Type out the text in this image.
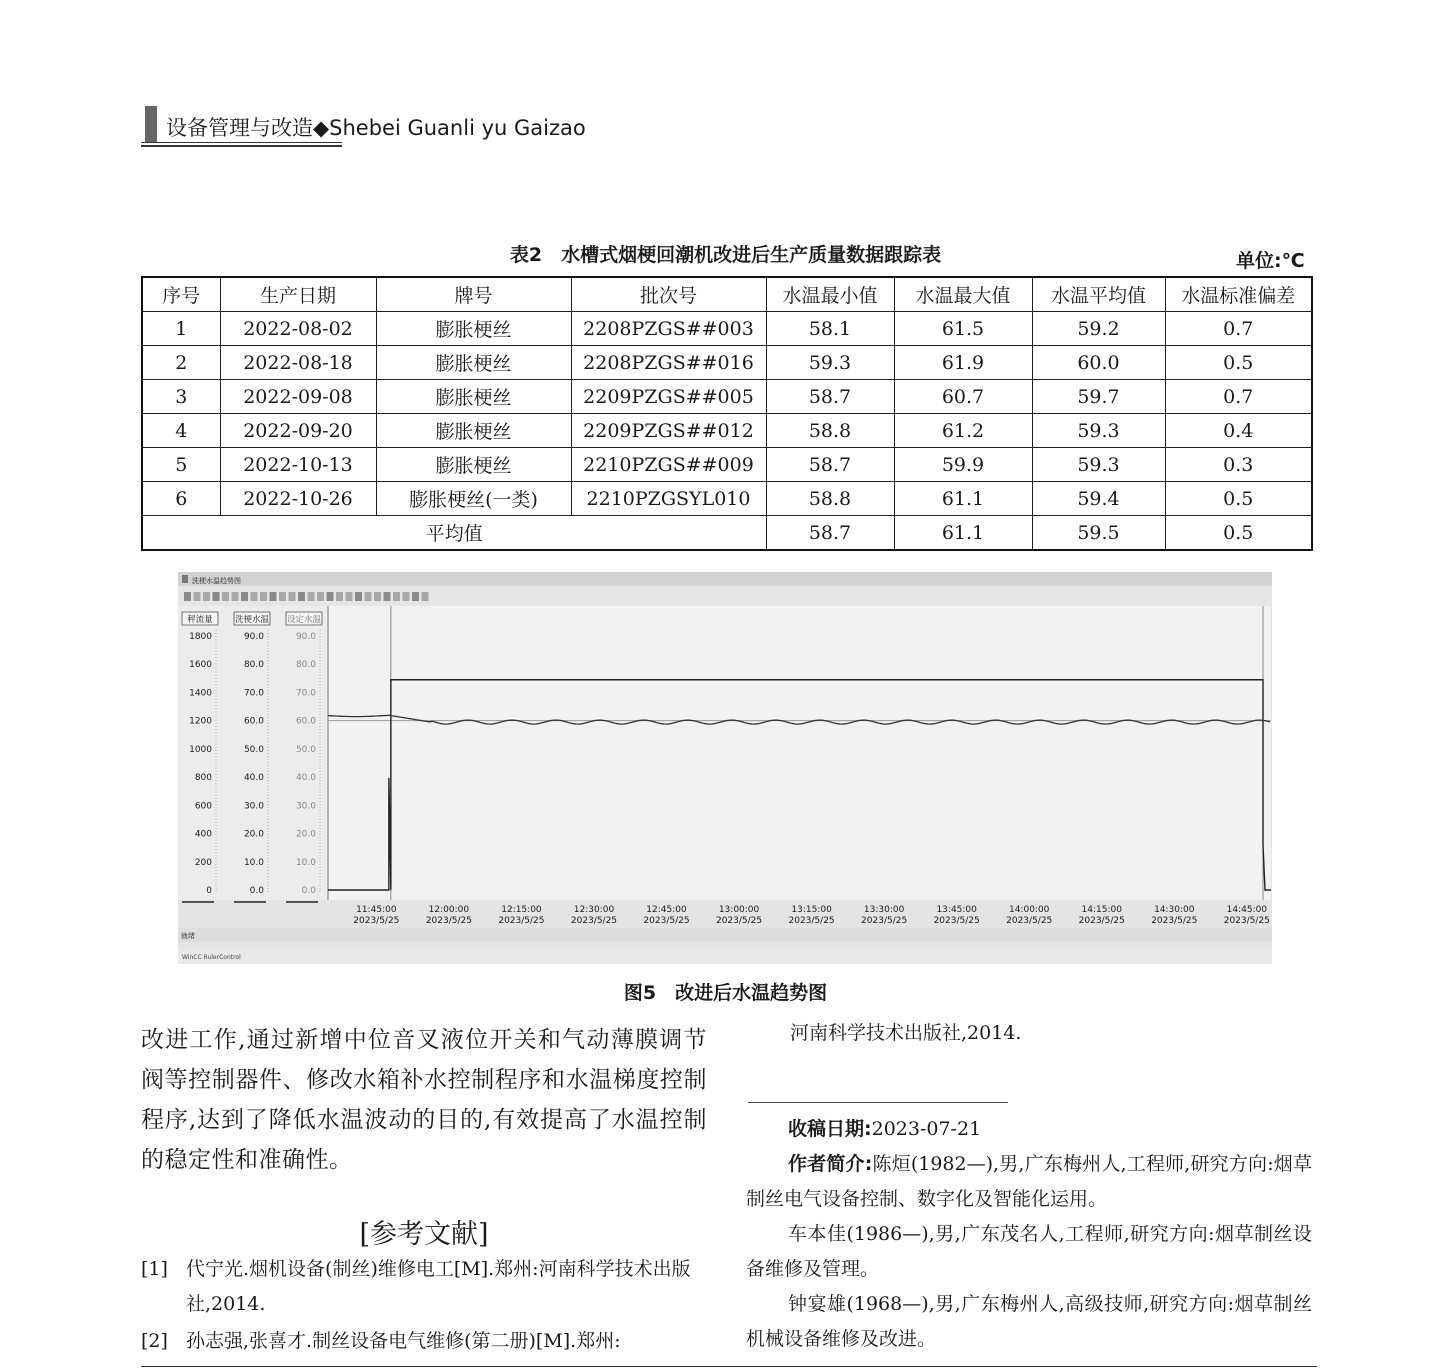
设备管理与改造◆Shebei Guanli yu Gaizao
表2　水槽式烟梗回潮机改进后生产质量数据跟踪表	单位:℃
序号	生产日期	牌号	批次号	水温最小值	水温最大值	水温平均值	水温标准偏差
1	2022-08-02	膨胀梗丝	2208PZGS##003	58.1	61.5	59.2	0.7
2	2022-08-18	膨胀梗丝	2208PZGS##016	59.3	61.9	60.0	0.5
3	2022-09-08	膨胀梗丝	2209PZGS##005	58.7	60.7	59.7	0.7
4	2022-09-20	膨胀梗丝	2209PZGS##012	58.8	61.2	59.3	0.4
5	2022-10-13	膨胀梗丝	2210PZGS##009	58.7	59.9	59.3	0.3
6	2022-10-26	膨胀梗丝(一类)	2210PZGSYL010	58.8	61.1	59.4	0.5
平均值				58.7	61.1	59.5	0.5
洗梗水温趋势图
秤流量
1800
1600
1400
1200
1000
800
600
400
200
0
洗梗水温
90.0
80.0
70.0
60.0
50.0
40.0
30.0
20.0
10.0
0.0
设定水温
90.0
80.0
70.0
60.0
50.0
40.0
30.0
20.0
10.0
0.0
11:45:00
2023/5/25
12:00:00
2023/5/25
12:15:00
2023/5/25
12:30:00
2023/5/25
12:45:00
2023/5/25
13:00:00
2023/5/25
13:15:00
2023/5/25
13:30:00
2023/5/25
13:45:00
2023/5/25
14:00:00
2023/5/25
14:15:00
2023/5/25
14:30:00
2023/5/25
14:45:00
2023/5/25
就绪
WinCC RulerControl
图5　改进后水温趋势图
改进工作,通过新增中位音叉液位开关和气动薄膜调节阀等控制器件、修改水箱补水控制程序和水温梯度控制程序,达到了降低水温波动的目的,有效提高了水温控制的稳定性和准确性。
[参考文献]
[1] 代宁光.烟机设备(制丝)维修电工[M].郑州:河南科学技术出版社,2014.
[2] 孙志强,张喜才.制丝设备电气维修(第二册)[M].郑州:
河南科学技术出版社,2014.
收稿日期:2023-07-21
作者简介:陈烜(1982—),男,广东梅州人,工程师,研究方向:烟草制丝电气设备控制、数字化及智能化运用。
车本佳(1986—),男,广东茂名人,工程师,研究方向:烟草制丝设备维修及管理。
钟宴雄(1968—),男,广东梅州人,高级技师,研究方向:烟草制丝机械设备维修及改进。
